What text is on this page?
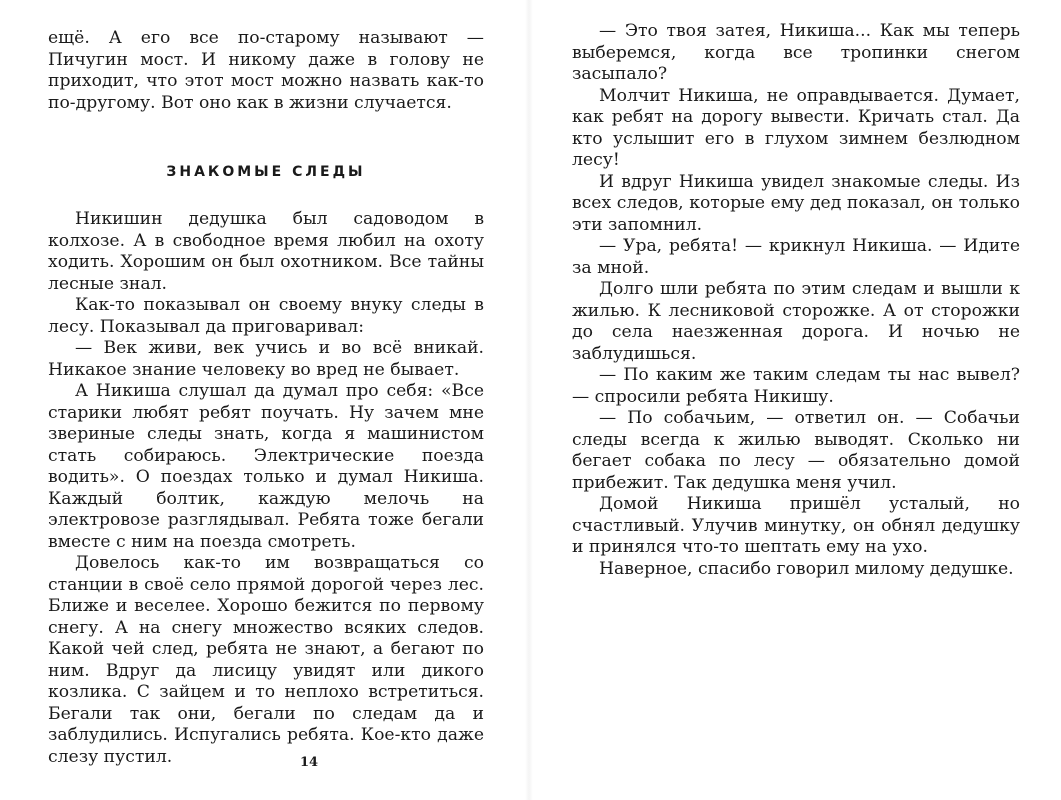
ещё. А его все по-старому называют — Пичугин мост. И никому даже в голову не приходит, что этот мост можно назвать как-то по-другому. Вот оно как в жизни случается.

ЗНАКОМЫЕ СЛЕДЫ

Никишин дедушка был садоводом в колхозе. А в свободное время любил на охоту ходить. Хорошим он был охотником. Все тайны лесные знал.

Как-то показывал он своему внуку следы в лесу. Показывал да приговаривал:

— Век живи, век учись и во всё вникай. Никакое знание человеку во вред не бывает.

А Никиша слушал да думал про себя: «Все старики любят ребят поучать. Ну зачем мне звериные следы знать, когда я машинистом стать собираюсь. Электрические поезда водить». О поездах только и думал Никиша. Каждый болтик, каждую мелочь на электровозе разглядывал. Ребята тоже бегали вместе с ним на поезда смотреть.

Довелось как-то им возвращаться со станции в своё село прямой дорогой через лес. Ближе и веселее. Хорошо бежится по первому снегу. А на снегу множество всяких следов. Какой чей след, ребята не знают, а бегают по ним. Вдруг да лисицу увидят или дикого козлика. С зайцем и то неплохо встретиться. Бегали так они, бегали по следам да и заблудились. Испугались ребята. Кое-кто даже слезу пустил.	14

— Это твоя затея, Никиша... Как мы теперь выберемся, когда все тропинки снегом засыпало?

Молчит Никиша, не оправдывается. Думает, как ребят на дорогу вывести. Кричать стал. Да кто услышит его в глухом зимнем безлюдном лесу!

И вдруг Никиша увидел знакомые следы. Из всех следов, которые ему дед показал, он только эти запомнил.

— Ура, ребята! — крикнул Никиша. — Идите за мной.

Долго шли ребята по этим следам и вышли к жилью. К лесниковой сторожке. А от сторожки до села наезженная дорога. И ночью не заблудишься.

— По каким же таким следам ты нас вывел? — спросили ребята Никишу.

— По собачьим, — ответил он. — Собачьи следы всегда к жилью выводят. Сколько ни бегает собака по лесу — обязательно домой прибежит. Так дедушка меня учил.

Домой Никиша пришёл усталый, но счастливый. Улучив минутку, он обнял дедушку и принялся что-то шептать ему на ухо.

Наверное, спасибо говорил милому дедушке.
